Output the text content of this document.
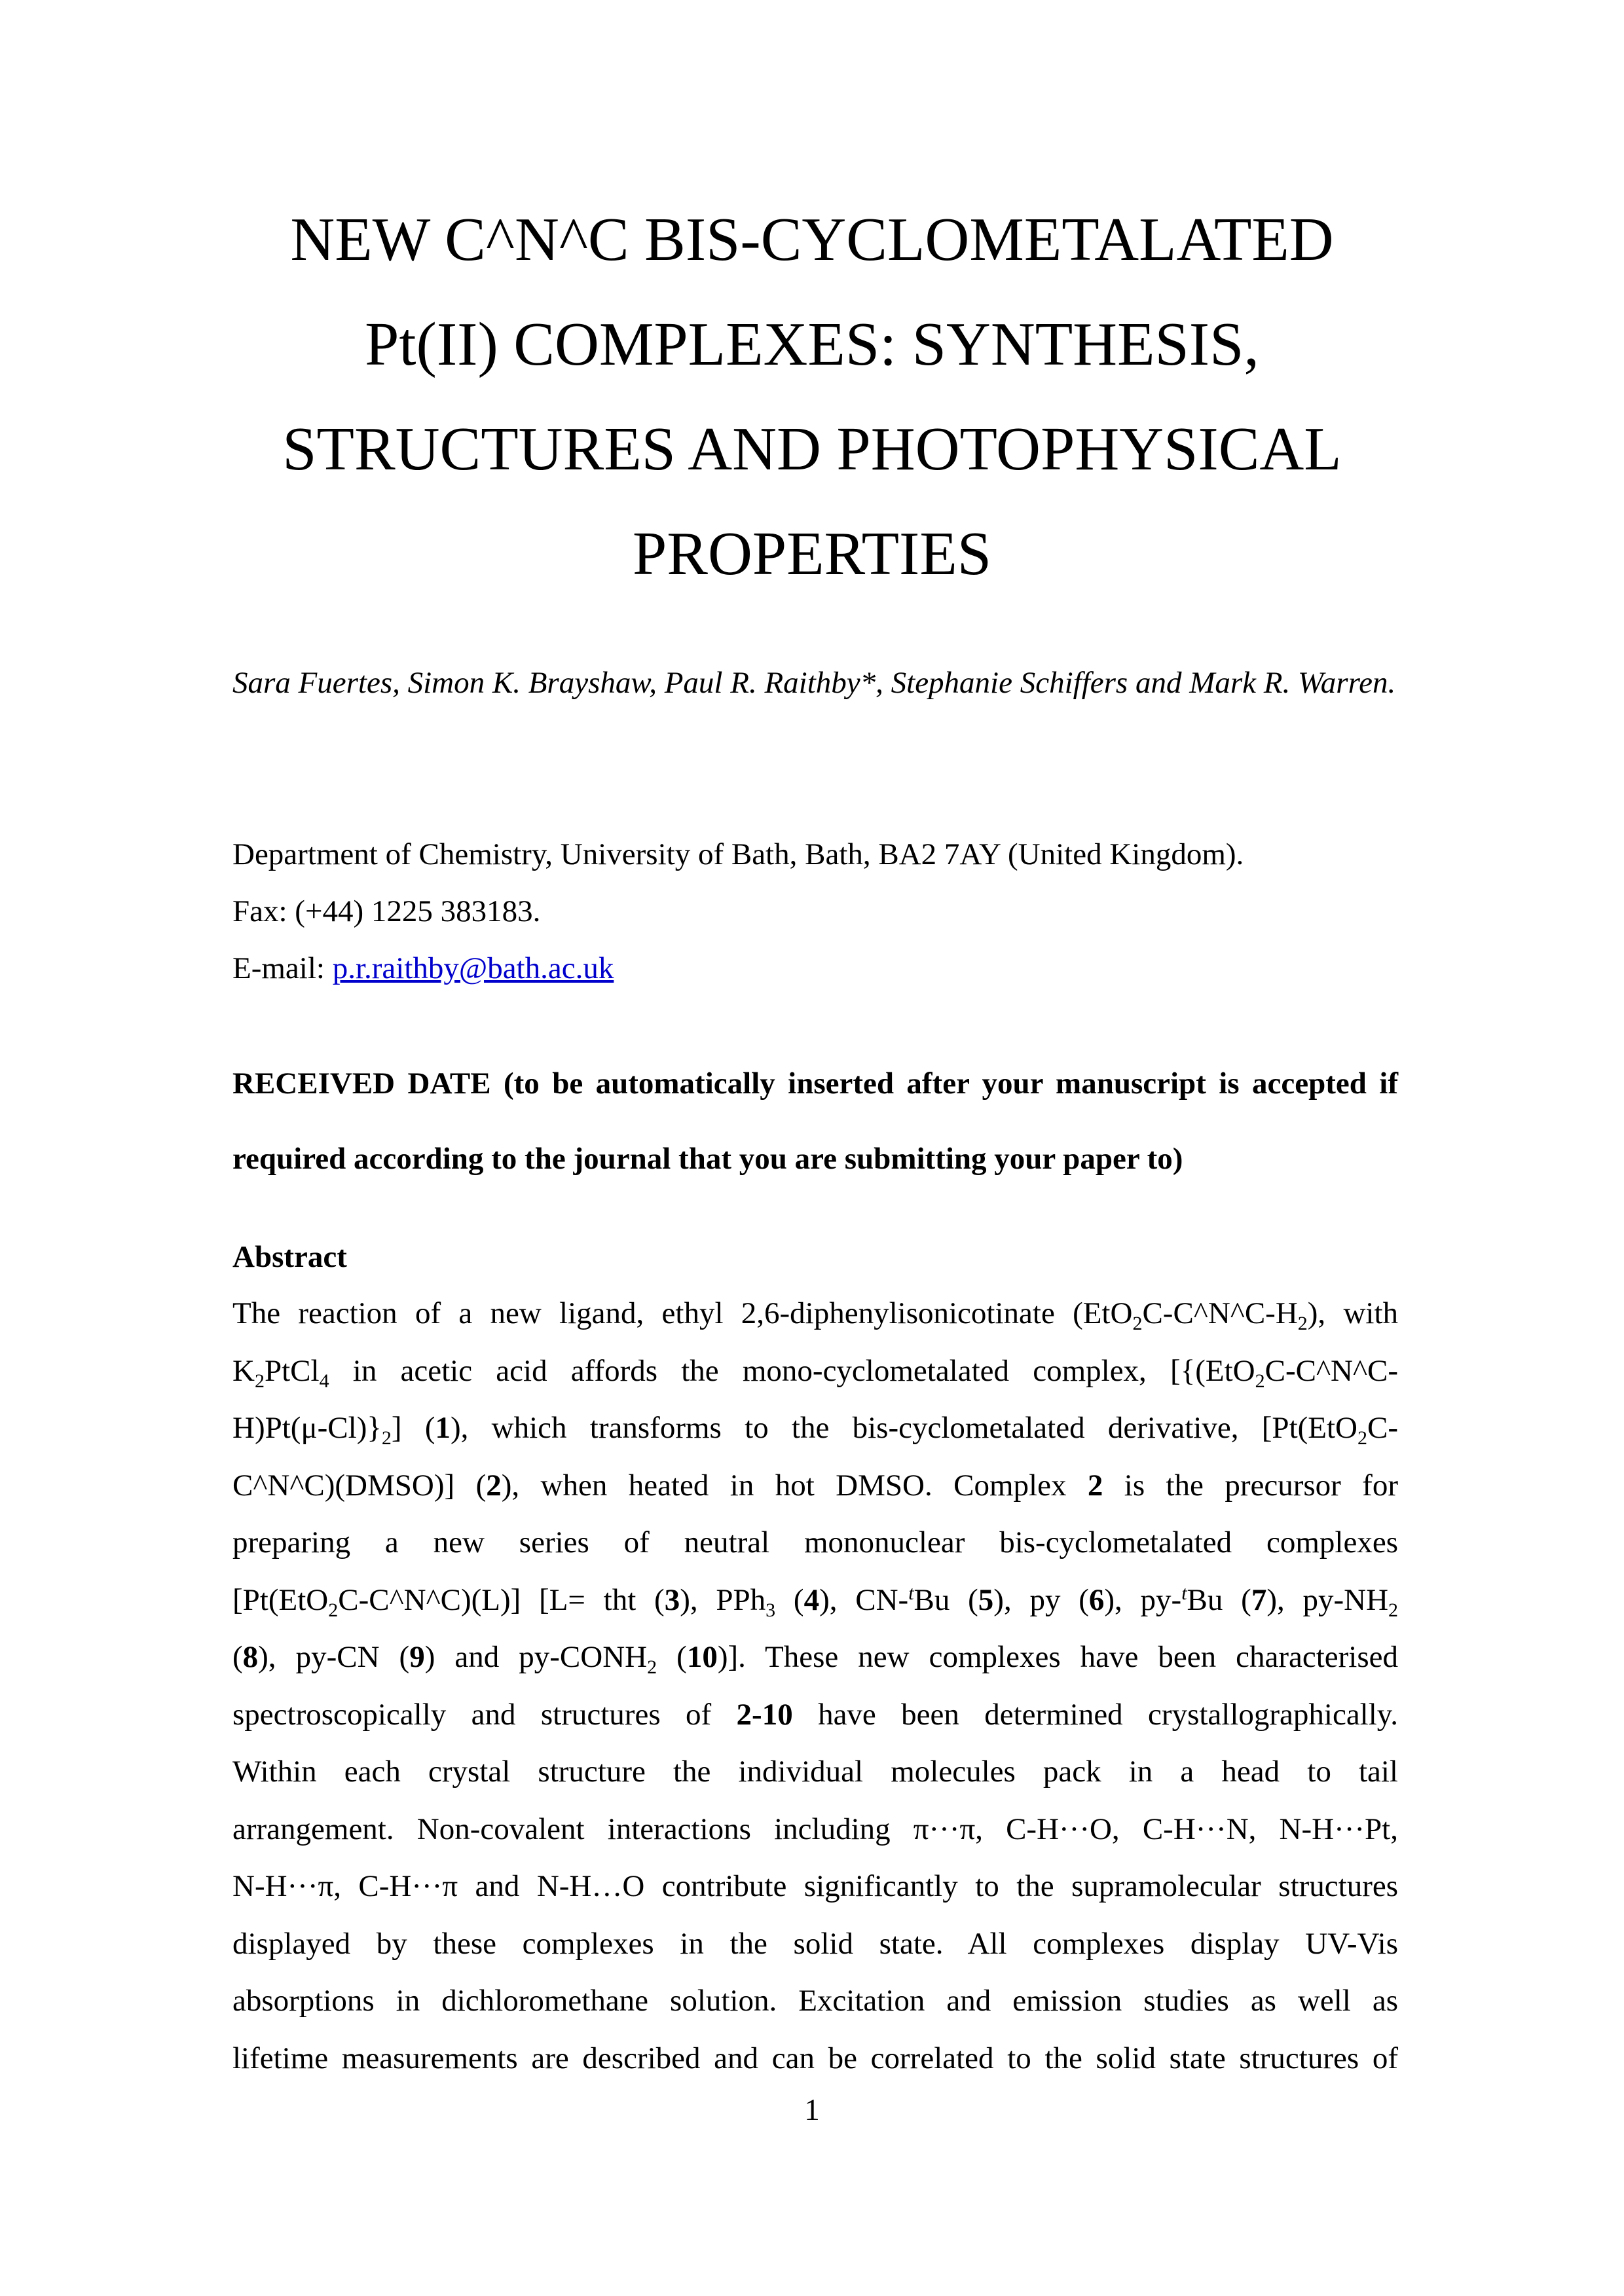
NEW C^N^C BIS-CYCLOMETALATED
Pt(II) COMPLEXES: SYNTHESIS,
STRUCTURES AND PHOTOPHYSICAL
PROPERTIES
Sara Fuertes, Simon K. Brayshaw, Paul R. Raithby*, Stephanie Schiffers and Mark R. Warren.
Department of Chemistry, University of Bath, Bath, BA2 7AY (United Kingdom).
Fax: (+44) 1225 383183.
E-mail: p.r.raithby@bath.ac.uk
RECEIVED DATE (to be automatically inserted after your manuscript is accepted if required according to the journal that you are submitting your paper to)
Abstract
The reaction of a new ligand, ethyl 2,6-diphenylisonicotinate $(EtO_2C-C\^{}N\^{}C-H_2)$, with
$K_2PtCl_4$ in acetic acid affords the mono-cyclometalated complex, [{(EtO$_2$C-C^N^C-
$H)Pt(\mu-Cl)\}_2$] (1), which transforms to the bis-cyclometalated derivative, [Pt(EtO$_2$C-
C^N^C)(DMSO)] (2), when heated in hot DMSO. Complex 2 is the precursor for
preparing a new series of neutral mononuclear bis-cyclometalated complexes
[Pt(EtO$_2$C-C^N^C)(L)] [L= tht (3), PPh$_3$ (4), CN-$^t$Bu (5), py (6), py-$^t$Bu (7), $py-NH_2$
(8), py-CN (9) and $py-CONH_2$ (10)]. These new complexes have been characterised
spectroscopically and structures of 2-10 have been determined crystallographically.
Within each crystal structure the individual molecules pack in a head to tail
arrangement. Non-covalent interactions including π···π, C-H···O, C-H···N, N-H···Pt,
N-H···π, C-H···π and N-H…O contribute significantly to the supramolecular structures
displayed by these complexes in the solid state. All complexes display UV-Vis
absorptions in dichloromethane solution. Excitation and emission studies as well as
lifetime measurements are described and can be correlated to the solid state structures of
1
